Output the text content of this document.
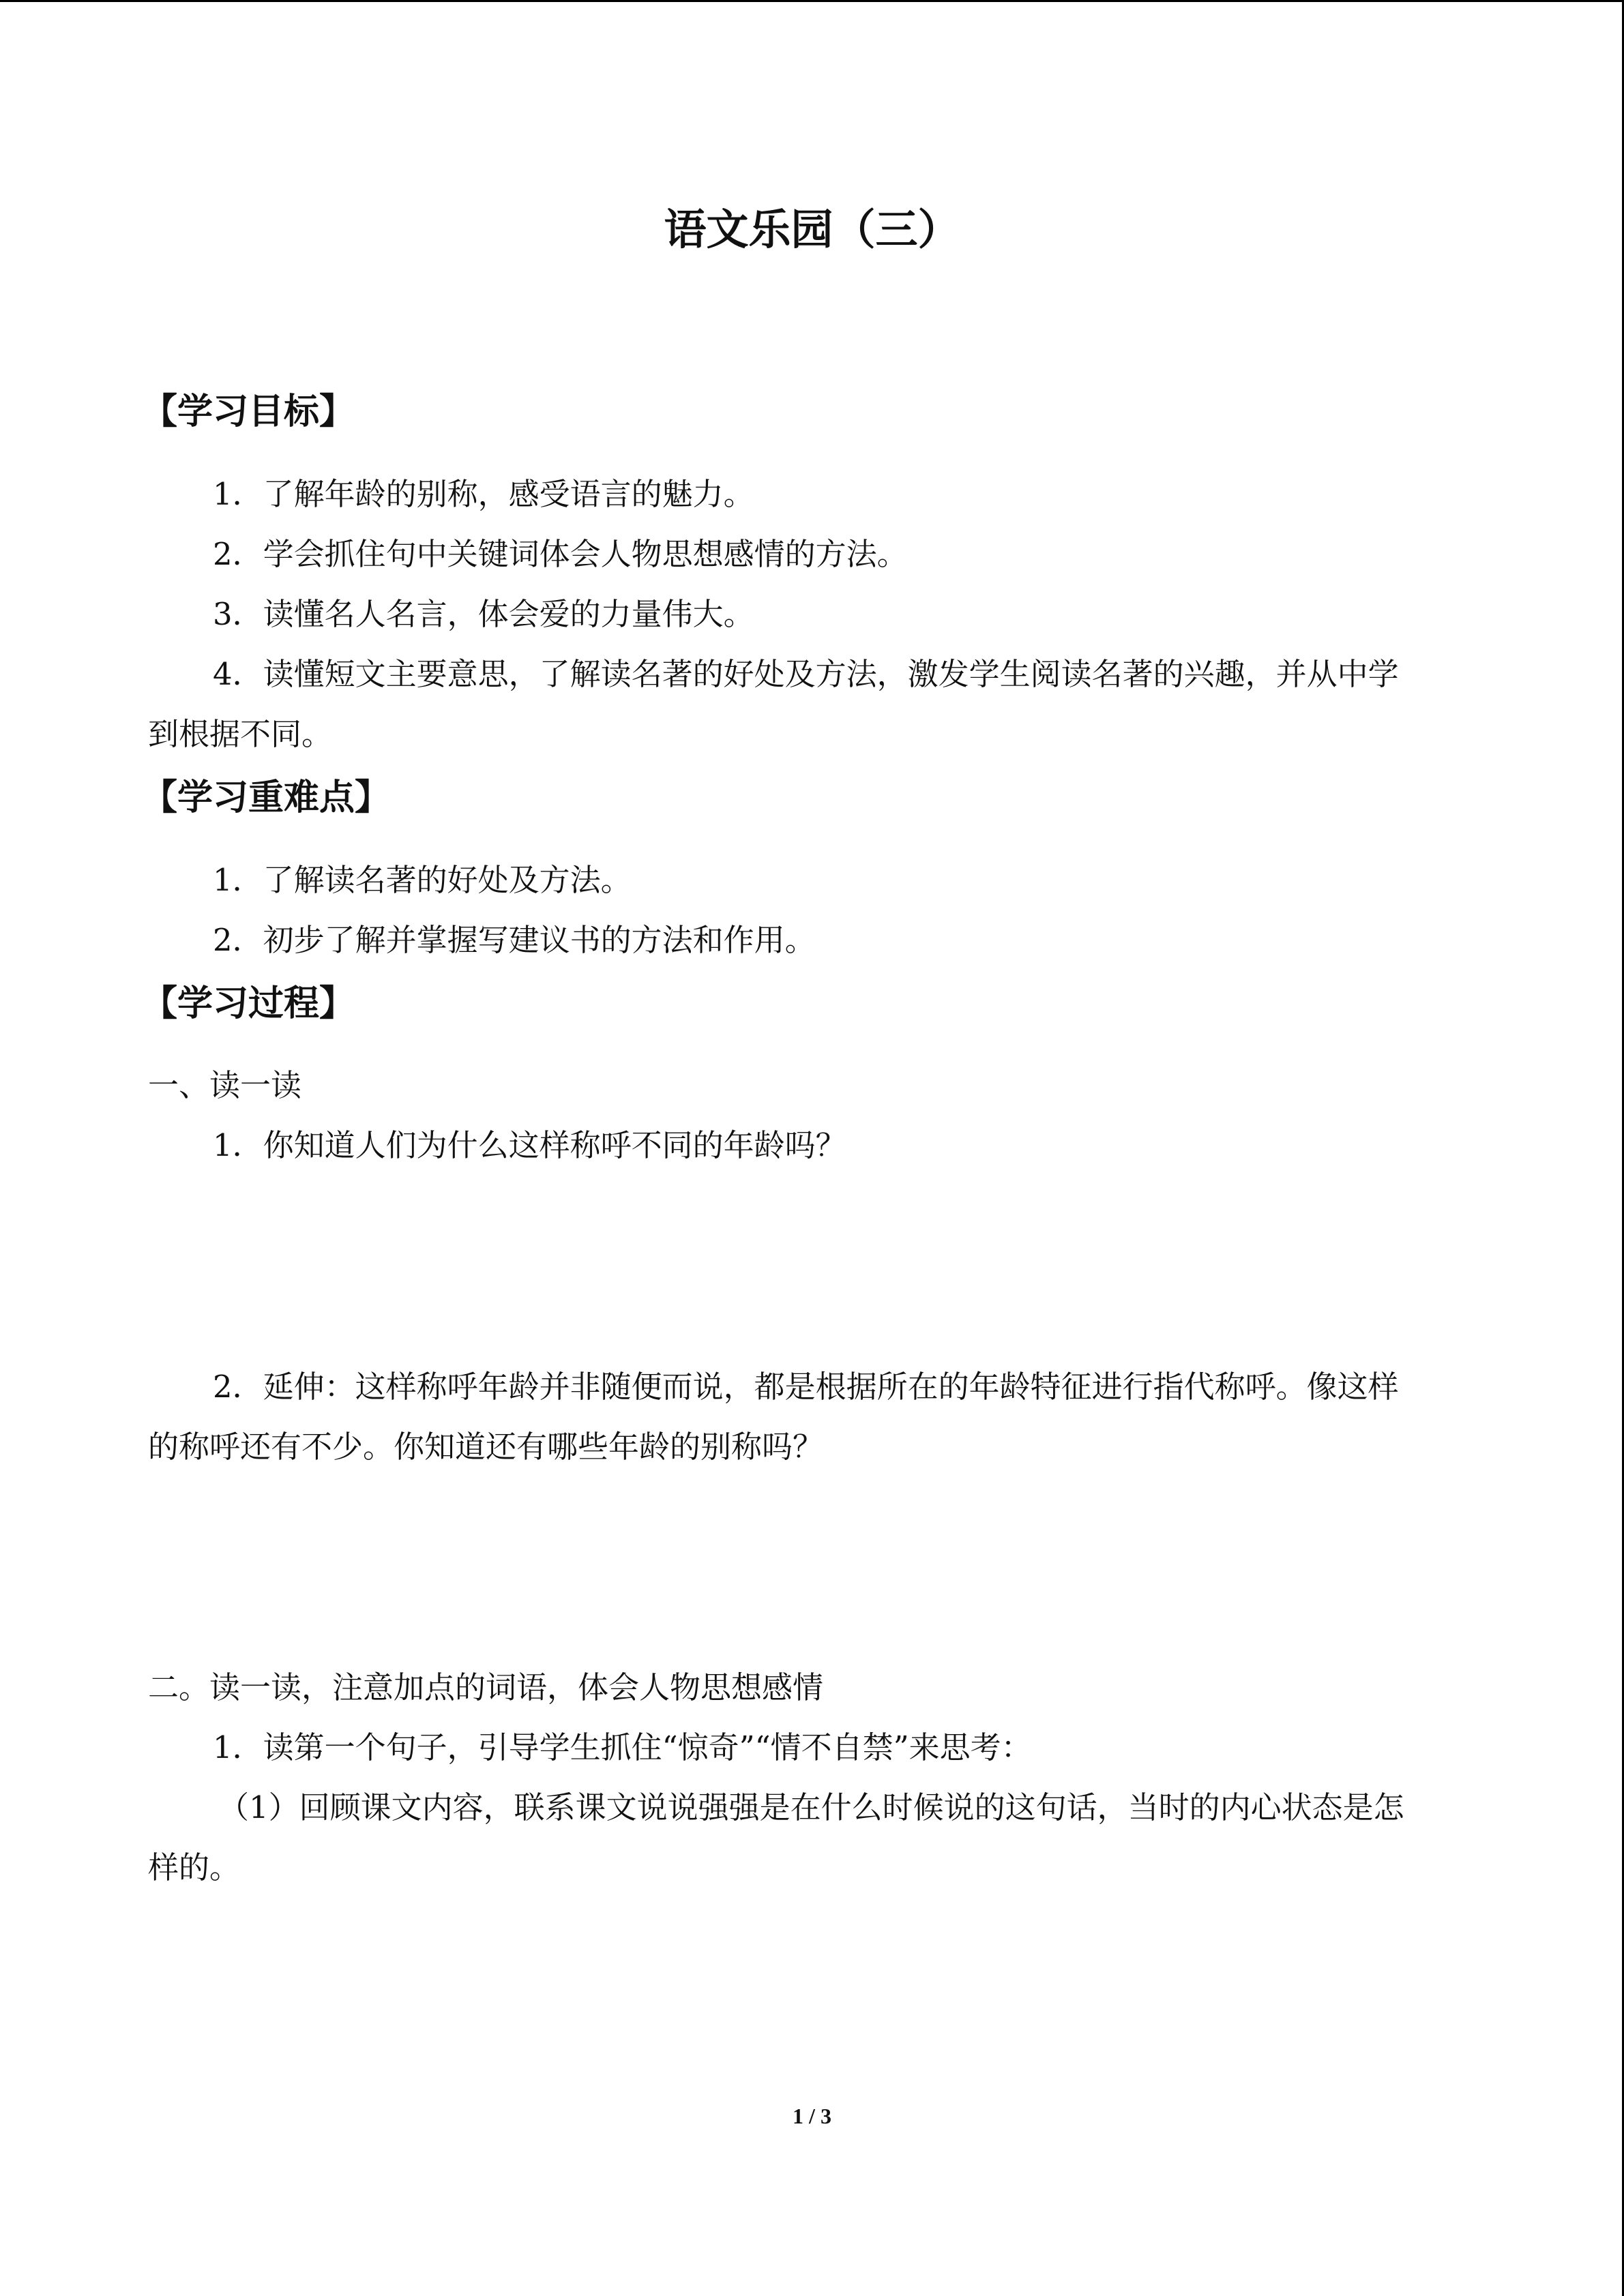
语文乐园（三）
【学习目标】
1．了解年龄的别称，感受语言的魅力。
2．学会抓住句中关键词体会人物思想感情的方法。
3．读懂名人名言，体会爱的力量伟大。
4．读懂短文主要意思，了解读名著的好处及方法，激发学生阅读名著的兴趣，并从中学
到根据不同。
【学习重难点】
1．了解读名著的好处及方法。
2．初步了解并掌握写建议书的方法和作用。
【学习过程】
一、读一读
1．你知道人们为什么这样称呼不同的年龄吗？
2．延伸：这样称呼年龄并非随便而说，都是根据所在的年龄特征进行指代称呼。像这样
的称呼还有不少。你知道还有哪些年龄的别称吗？
二。读一读，注意加点的词语，体会人物思想感情
1．读第一个句子，引导学生抓住“惊奇”“情不自禁”来思考：
（1）回顾课文内容，联系课文说说强强是在什么时候说的这句话，当时的内心状态是怎
样的。
1 / 3
